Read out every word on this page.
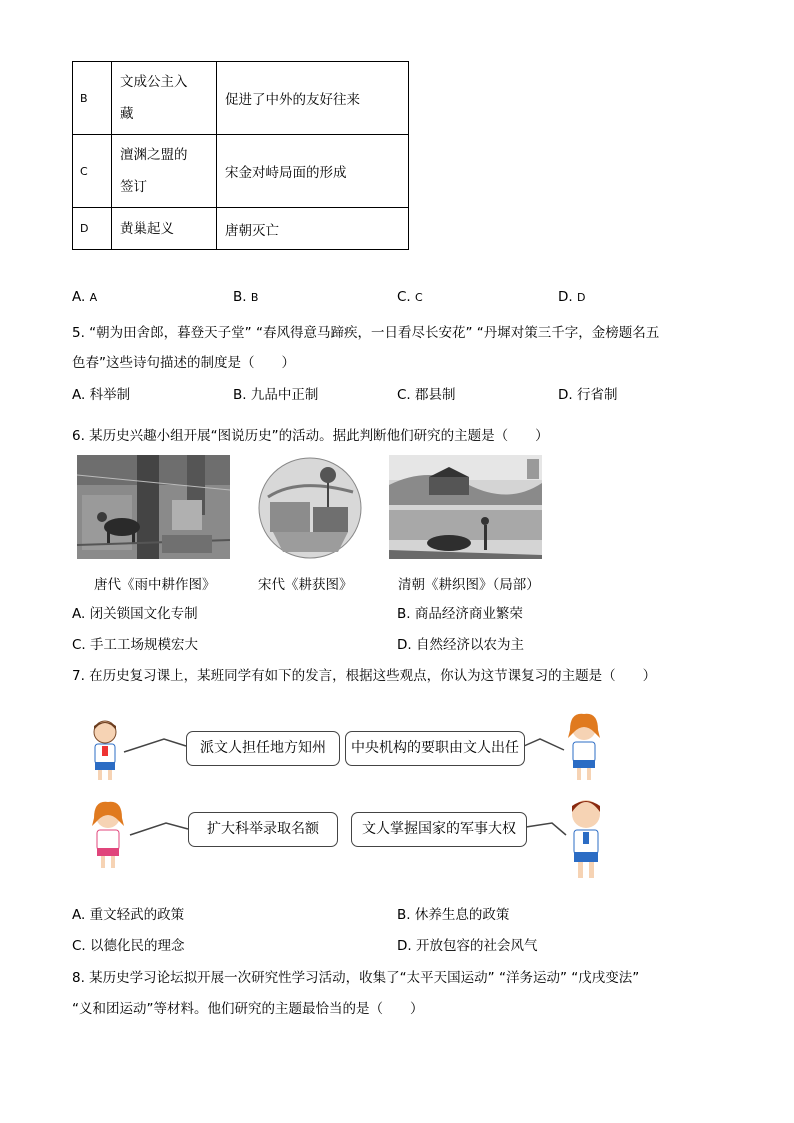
B	文成公主入
藏	促进了中外的友好往来
C	澶渊之盟的
签订	宋金对峙局面的形成
D	黄巢起义	唐朝灭亡
A. A	B. B	C. C	D. D
5. “朝为田舍郎，暮登天子堂” “春风得意马蹄疾，一日看尽长安花” “丹墀对策三千字，金榜题名五
色春”这些诗句描述的制度是（　　）
A. 科举制	B. 九品中正制	C. 郡县制	D. 行省制
6. 某历史兴趣小组开展“图说历史”的活动。据此判断他们研究的主题是（　　）
唐代《雨中耕作图》	宋代《耕获图》	清朝《耕织图》（局部）
A. 闭关锁国文化专制	B. 商品经济商业繁荣
C. 手工工场规模宏大	D. 自然经济以农为主
7. 在历史复习课上，某班同学有如下的发言，根据这些观点，你认为这节课复习的主题是（　　）
派文人担任地方知州	中央机构的要职由文人出任
扩大科举录取名额	文人掌握国家的军事大权
A. 重文轻武的政策	B. 休养生息的政策
C. 以德化民的理念	D. 开放包容的社会风气
8. 某历史学习论坛拟开展一次研究性学习活动，收集了“太平天国运动” “洋务运动” “戊戌变法”
“义和团运动”等材料。他们研究的主题最恰当的是（　　）
